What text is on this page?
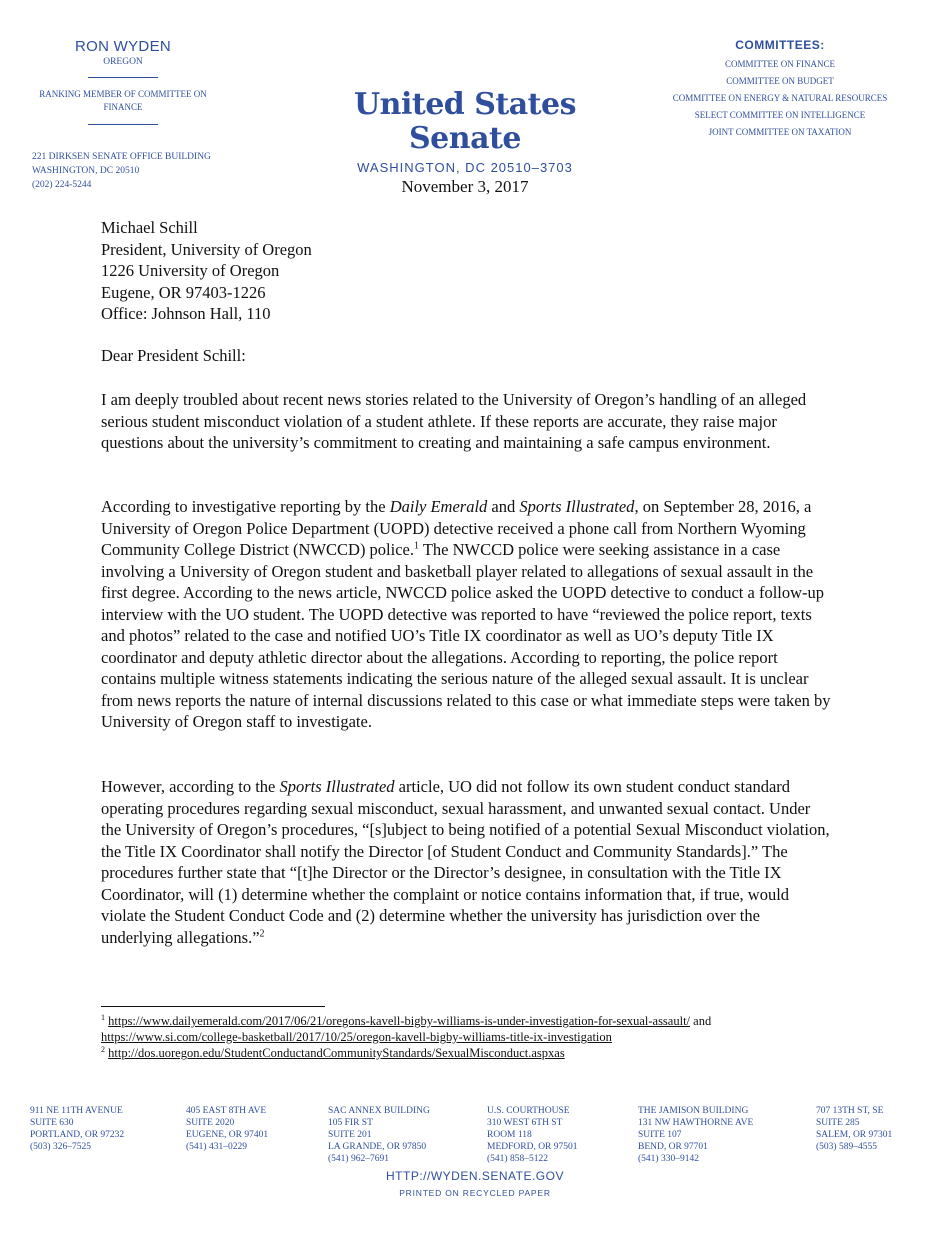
RON WYDEN
OREGON
RANKING MEMBER OF COMMITTEE ON FINANCE
221 DIRKSEN SENATE OFFICE BUILDING
WASHINGTON, DC 20510
(202) 224-5244
United States Senate
WASHINGTON, DC 20510–3703
November 3, 2017
COMMITTEES:
COMMITTEE ON FINANCE
COMMITTEE ON BUDGET
COMMITTEE ON ENERGY & NATURAL RESOURCES
SELECT COMMITTEE ON INTELLIGENCE
JOINT COMMITTEE ON TAXATION
Michael Schill
President, University of Oregon
1226 University of Oregon
Eugene, OR 97403-1226
Office: Johnson Hall, 110
Dear President Schill:

I am deeply troubled about recent news stories related to the University of Oregon’s handling of an alleged serious student misconduct violation of a student athlete. If these reports are accurate, they raise major questions about the university’s commitment to creating and maintaining a safe campus environment.

According to investigative reporting by the Daily Emerald and Sports Illustrated, on September 28, 2016, a University of Oregon Police Department (UOPD) detective received a phone call from Northern Wyoming Community College District (NWCCD) police.$^1$ The NWCCD police were seeking assistance in a case involving a University of Oregon student and basketball player related to allegations of sexual assault in the first degree. According to the news article, NWCCD police asked the UOPD detective to conduct a follow-up interview with the UO student. The UOPD detective was reported to have “reviewed the police report, texts and photos” related to the case and notified UO’s Title IX coordinator as well as UO’s deputy Title IX coordinator and deputy athletic director about the allegations. According to reporting, the police report contains multiple witness statements indicating the serious nature of the alleged sexual assault. It is unclear from news reports the nature of internal discussions related to this case or what immediate steps were taken by University of Oregon staff to investigate.

However, according to the Sports Illustrated article, UO did not follow its own student conduct standard operating procedures regarding sexual misconduct, sexual harassment, and unwanted sexual contact. Under the University of Oregon’s procedures, “[s]ubject to being notified of a potential Sexual Misconduct violation, the Title IX Coordinator shall notify the Director [of Student Conduct and Community Standards].” The procedures further state that “[t]he Director or the Director’s designee, in consultation with the Title IX Coordinator, will (1) determine whether the complaint or notice contains information that, if true, would violate the Student Conduct Code and (2) determine whether the university has jurisdiction over the underlying allegations.”$^2$

$^1$ https://www.dailyemerald.com/2017/06/21/oregons-kavell-bigby-williams-is-under-investigation-for-sexual-assault/ and
https://www.si.com/college-basketball/2017/10/25/oregon-kavell-bigby-williams-title-ix-investigation
$^2$ http://dos.uoregon.edu/StudentConductandCommunityStandards/SexualMisconduct.aspxas
911 NE 11TH AVENUE
SUITE 630
PORTLAND, OR 97232
(503) 326–7525
405 EAST 8TH AVE
SUITE 2020
EUGENE, OR 97401
(541) 431–0229
SAC ANNEX BUILDING
105 FIR ST
SUITE 201
LA GRANDE, OR 97850
(541) 962–7691
U.S. COURTHOUSE
310 WEST 6TH ST
ROOM 118
MEDFORD, OR 97501
(541) 858–5122
THE JAMISON BUILDING
131 NW HAWTHORNE AVE
SUITE 107
BEND, OR 97701
(541) 330–9142
707 13TH ST, SE
SUITE 285
SALEM, OR 97301
(503) 589–4555
HTTP://WYDEN.SENATE.GOV
PRINTED ON RECYCLED PAPER
